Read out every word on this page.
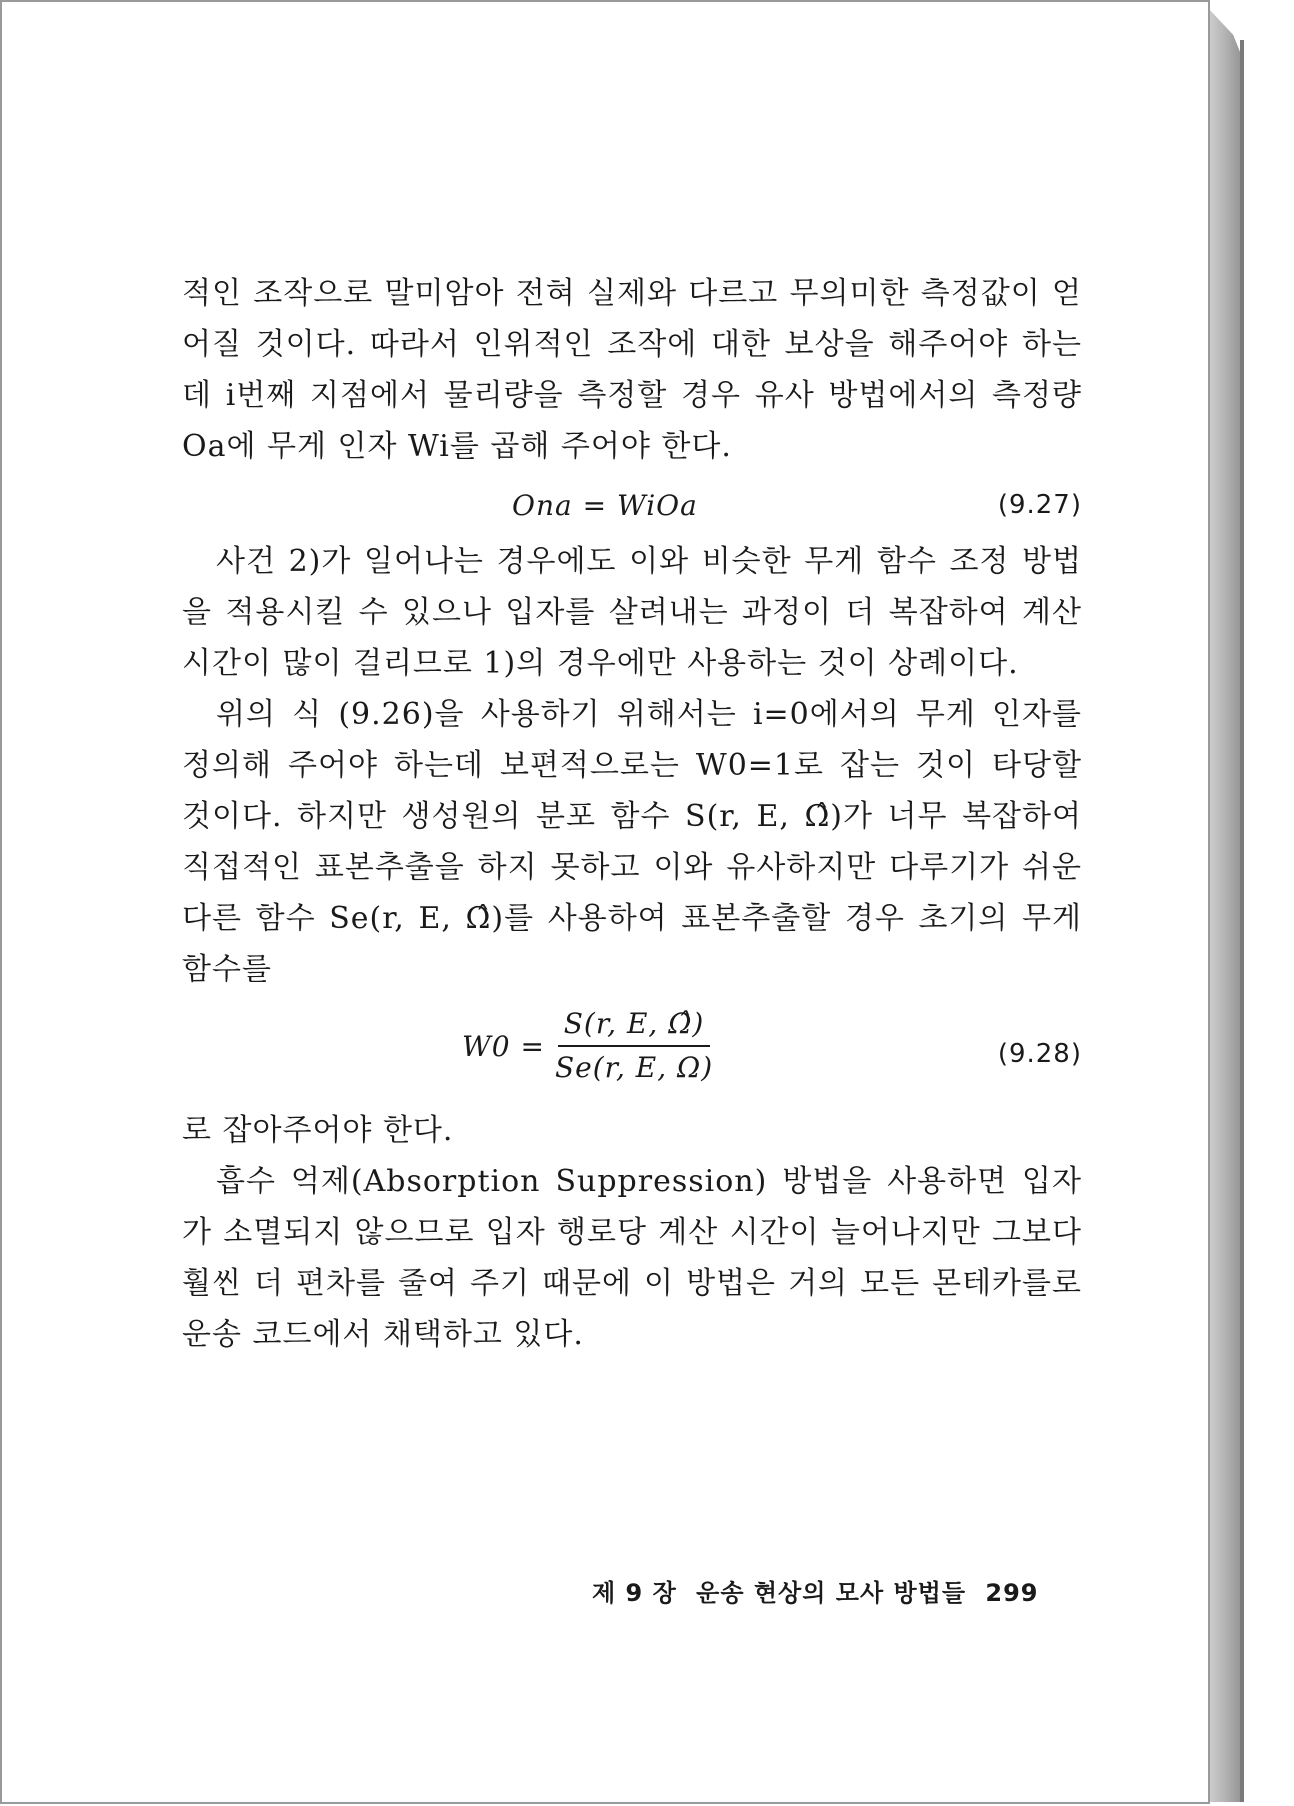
적인 조작으로 말미암아 전혀 실제와 다르고 무의미한 측정값이 얻어질 것이다. 따라서 인위적인 조작에 대한 보상을 해주어야 하는데 i번째 지점에서 물리량을 측정할 경우 유사 방법에서의 측정량 Oa에 무게 인자 Wi를 곱해 주어야 한다.

Ona = WiOa	(9.27)

사건 2)가 일어나는 경우에도 이와 비슷한 무게 함수 조정 방법을 적용시킬 수 있으나 입자를 살려내는 과정이 더 복잡하여 계산 시간이 많이 걸리므로 1)의 경우에만 사용하는 것이 상례이다.

위의 식 (9.26)을 사용하기 위해서는 i=0에서의 무게 인자를 정의해 주어야 하는데 보편적으로는 W0=1로 잡는 것이 타당할 것이다. 하지만 생성원의 분포 함수 S(r, E, Ω̂)가 너무 복잡하여 직접적인 표본추출을 하지 못하고 이와 유사하지만 다루기가 쉬운 다른 함수 Se(r, E, Ω̂)를 사용하여 표본추출할 경우 초기의 무게 함수를

$W0 = \frac{S(r, E, \Omegâ)}{Se(r, E, \Omega)}$	(9.28)

로 잡아주어야 한다.

흡수 억제(Absorption Suppression) 방법을 사용하면 입자가 소멸되지 않으므로 입자 행로당 계산 시간이 늘어나지만 그보다 훨씬 더 편차를 줄여 주기 때문에 이 방법은 거의 모든 몬테카를로 운송 코드에서 채택하고 있다.

제 9 장 운송 현상의 모사 방법들 299
